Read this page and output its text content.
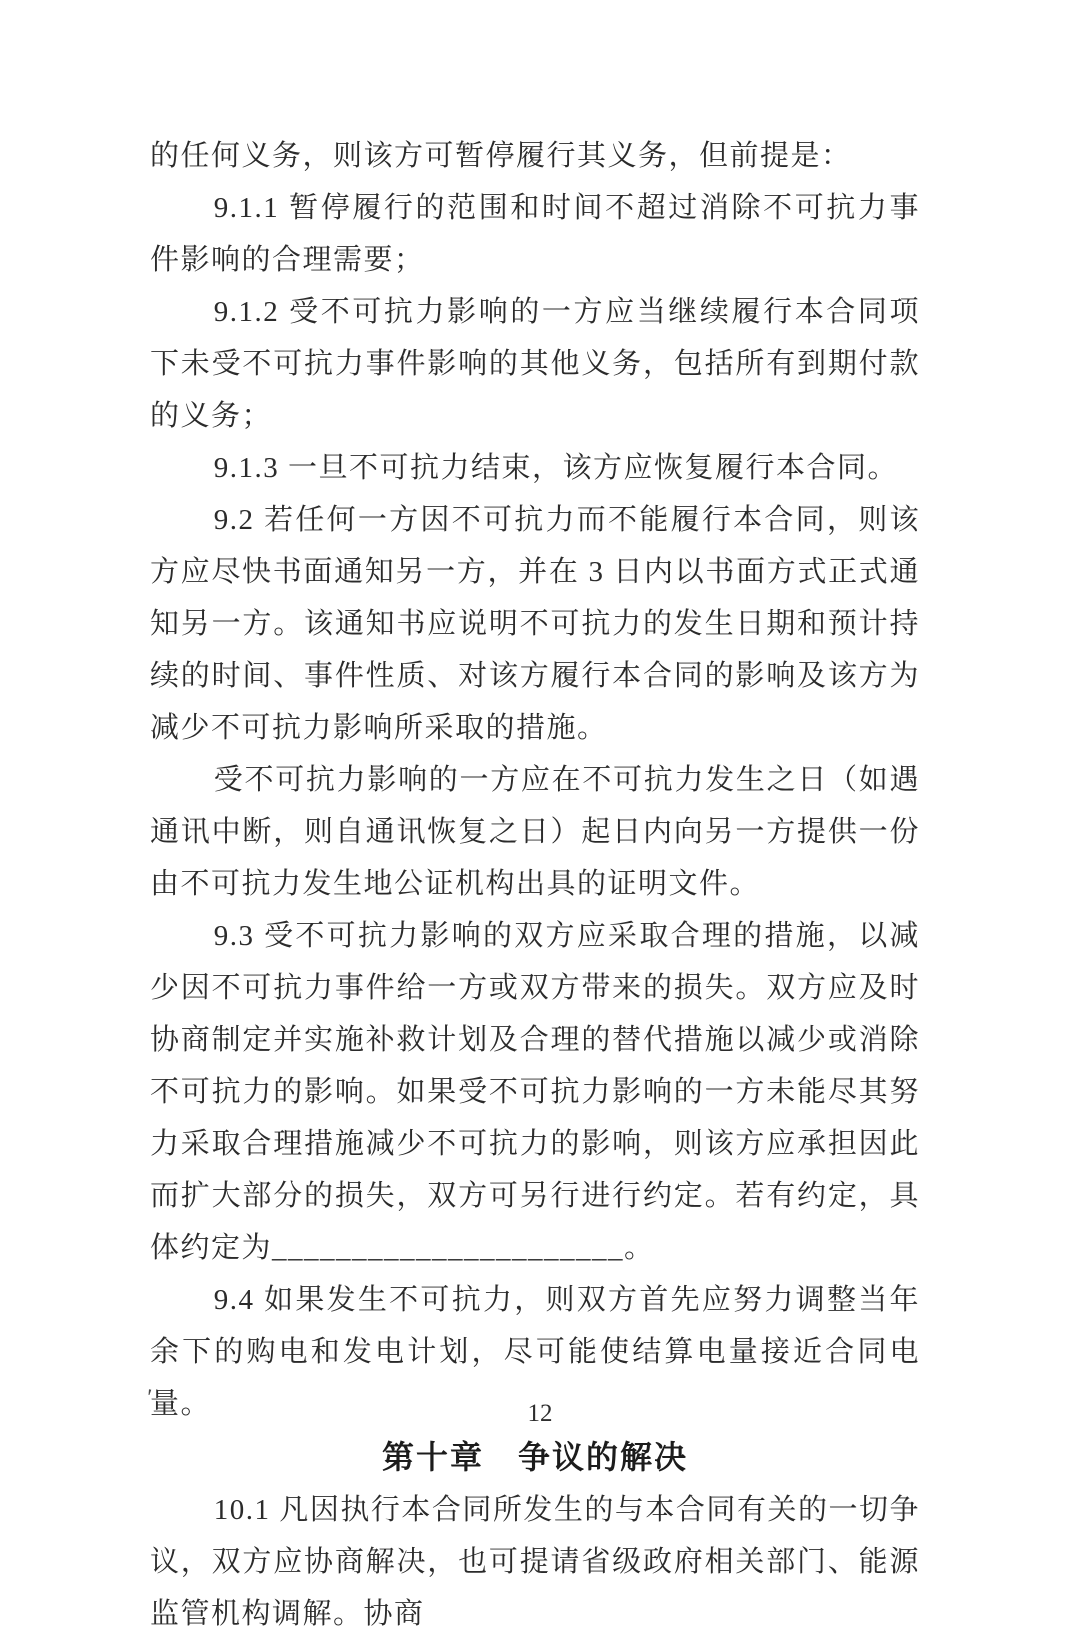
的任何义务，则该方可暂停履行其义务，但前提是：

9.1.1 暂停履行的范围和时间不超过消除不可抗力事件影响的合理需要；

9.1.2 受不可抗力影响的一方应当继续履行本合同项下未受不可抗力事件影响的其他义务，包括所有到期付款的义务；

9.1.3 一旦不可抗力结束，该方应恢复履行本合同。

9.2 若任何一方因不可抗力而不能履行本合同，则该方应尽快书面通知另一方，并在 3 日内以书面方式正式通知另一方。该通知书应说明不可抗力的发生日期和预计持续的时间、事件性质、对该方履行本合同的影响及该方为减少不可抗力影响所采取的措施。

受不可抗力影响的一方应在不可抗力发生之日（如遇通讯中断，则自通讯恢复之日）起日内向另一方提供一份由不可抗力发生地公证机构出具的证明文件。

9.3 受不可抗力影响的双方应采取合理的措施，以减少因不可抗力事件给一方或双方带来的损失。双方应及时协商制定并实施补救计划及合理的替代措施以减少或消除不可抗力的影响。如果受不可抗力影响的一方未能尽其努力采取合理措施减少不可抗力的影响，则该方应承担因此而扩大部分的损失，双方可另行进行约定。若有约定，具体约定为______________________。

9.4 如果发生不可抗力，则双方首先应努力调整当年余下的购电和发电计划，尽可能使结算电量接近合同电量。

第十章　争议的解决

10.1 凡因执行本合同所发生的与本合同有关的一切争议，双方应协商解决，也可提请省级政府相关部门、能源监管机构调解。协商

'
12
